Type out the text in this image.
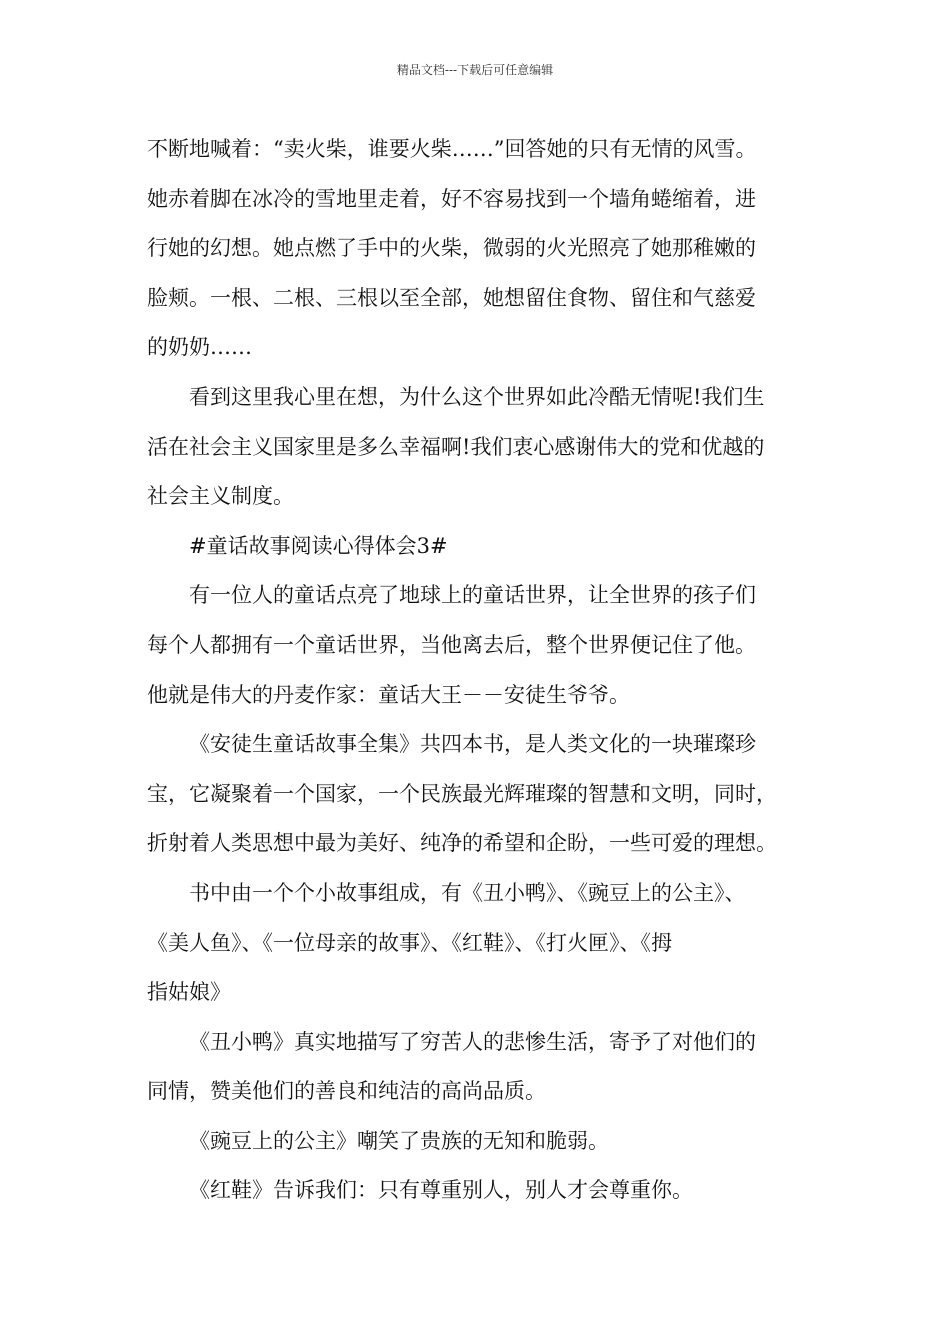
精品文档---下载后可任意编辑
不断地喊着：“卖火柴，谁要火柴……”回答她的只有无情的风雪。
她赤着脚在冰冷的雪地里走着，好不容易找到一个墙角蜷缩着，进
行她的幻想。她点燃了手中的火柴，微弱的火光照亮了她那稚嫩的
脸颊。一根、二根、三根以至全部，她想留住食物、留住和气慈爱
的奶奶……
看到这里我心里在想，为什么这个世界如此冷酷无情呢!我们生
活在社会主义国家里是多么幸福啊!我们衷心感谢伟大的党和优越的
社会主义制度。
#童话故事阅读心得体会3#
有一位人的童话点亮了地球上的童话世界，让全世界的孩子们
每个人都拥有一个童话世界，当他离去后，整个世界便记住了他。
他就是伟大的丹麦作家：童话大王－－安徒生爷爷。
《安徒生童话故事全集》共四本书，是人类文化的一块璀璨珍
宝，它凝聚着一个国家，一个民族最光辉璀璨的智慧和文明，同时，
折射着人类思想中最为美好、纯净的希望和企盼，一些可爱的理想。
书中由一个个小故事组成，有《丑小鸭》、《豌豆上的公主》、
《美人鱼》、《一位母亲的故事》、《红鞋》、《打火匣》、《拇
指姑娘》
《丑小鸭》真实地描写了穷苦人的悲惨生活，寄予了对他们的
同情，赞美他们的善良和纯洁的高尚品质。
《豌豆上的公主》嘲笑了贵族的无知和脆弱。
《红鞋》告诉我们：只有尊重别人，别人才会尊重你。
